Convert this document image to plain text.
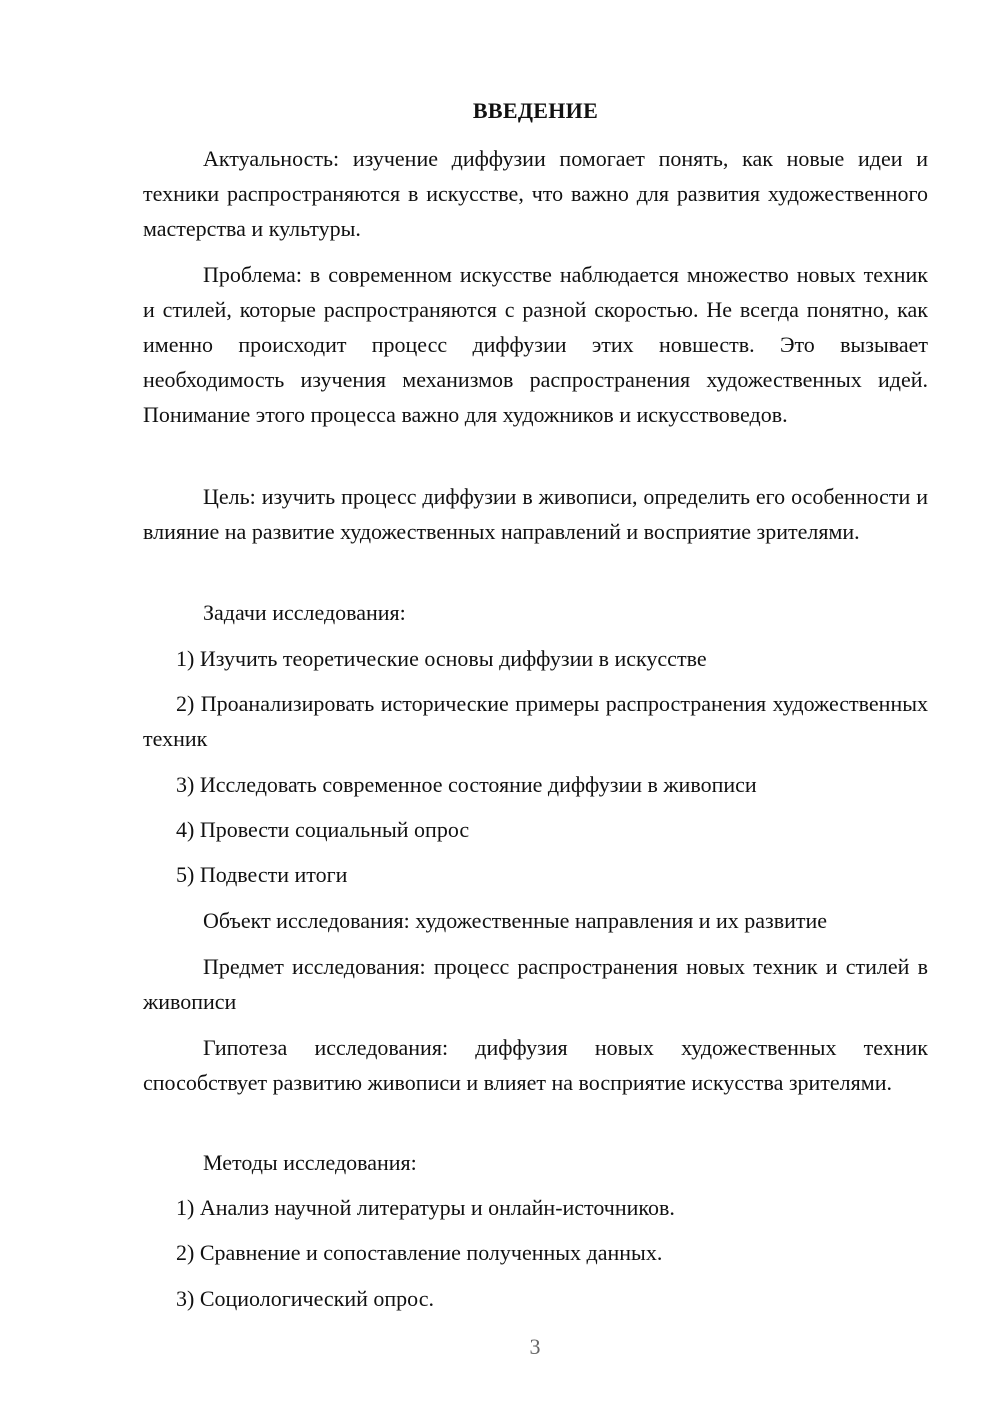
ВВЕДЕНИЕ

Актуальность: изучение диффузии помогает понять, как новые идеи и техники распространяются в искусстве, что важно для развития художественного мастерства и культуры.

Проблема: в современном искусстве наблюдается множество новых техник и стилей, которые распространяются с разной скоростью. Не всегда понятно, как именно происходит процесс диффузии этих новшеств. Это вызывает необходимость изучения механизмов распространения художественных идей. Понимание этого процесса важно для художников и искусствоведов.

Цель: изучить процесс диффузии в живописи, определить его особенности и влияние на развитие художественных направлений и восприятие зрителями.

Задачи исследования:

1) Изучить теоретические основы диффузии в искусстве

2) Проанализировать исторические примеры распространения художественных техник

3) Исследовать современное состояние диффузии в живописи

4) Провести социальный опрос

5) Подвести итоги

Объект исследования: художественные направления и их развитие

Предмет исследования: процесс распространения новых техник и стилей в живописи

Гипотеза исследования: диффузия новых художественных техник способствует развитию живописи и влияет на восприятие искусства зрителями.

Методы исследования:

1) Анализ научной литературы и онлайн-источников.

2) Сравнение и сопоставление полученных данных.

3) Социологический опрос.

3
